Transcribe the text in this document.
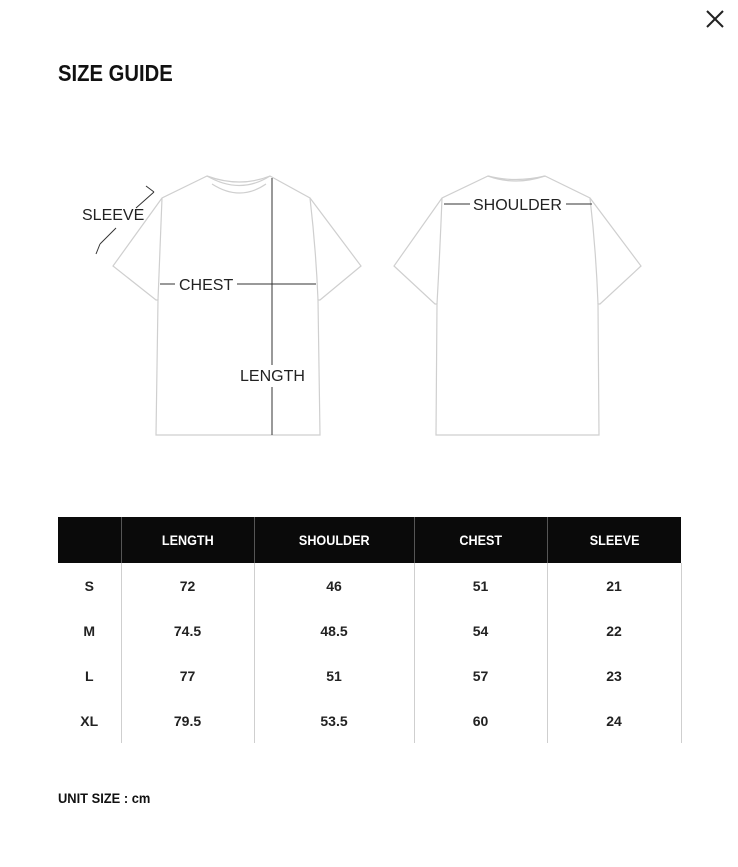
SIZE GUIDE
SLEEVE
CHEST
LENGTH
SHOULDER
	LENGTH	SHOULDER	CHEST	SLEEVE
S	72	46	51	21
M	74.5	48.5	54	22
L	77	51	57	23
XL	79.5	53.5	60	24
UNIT SIZE : cm
